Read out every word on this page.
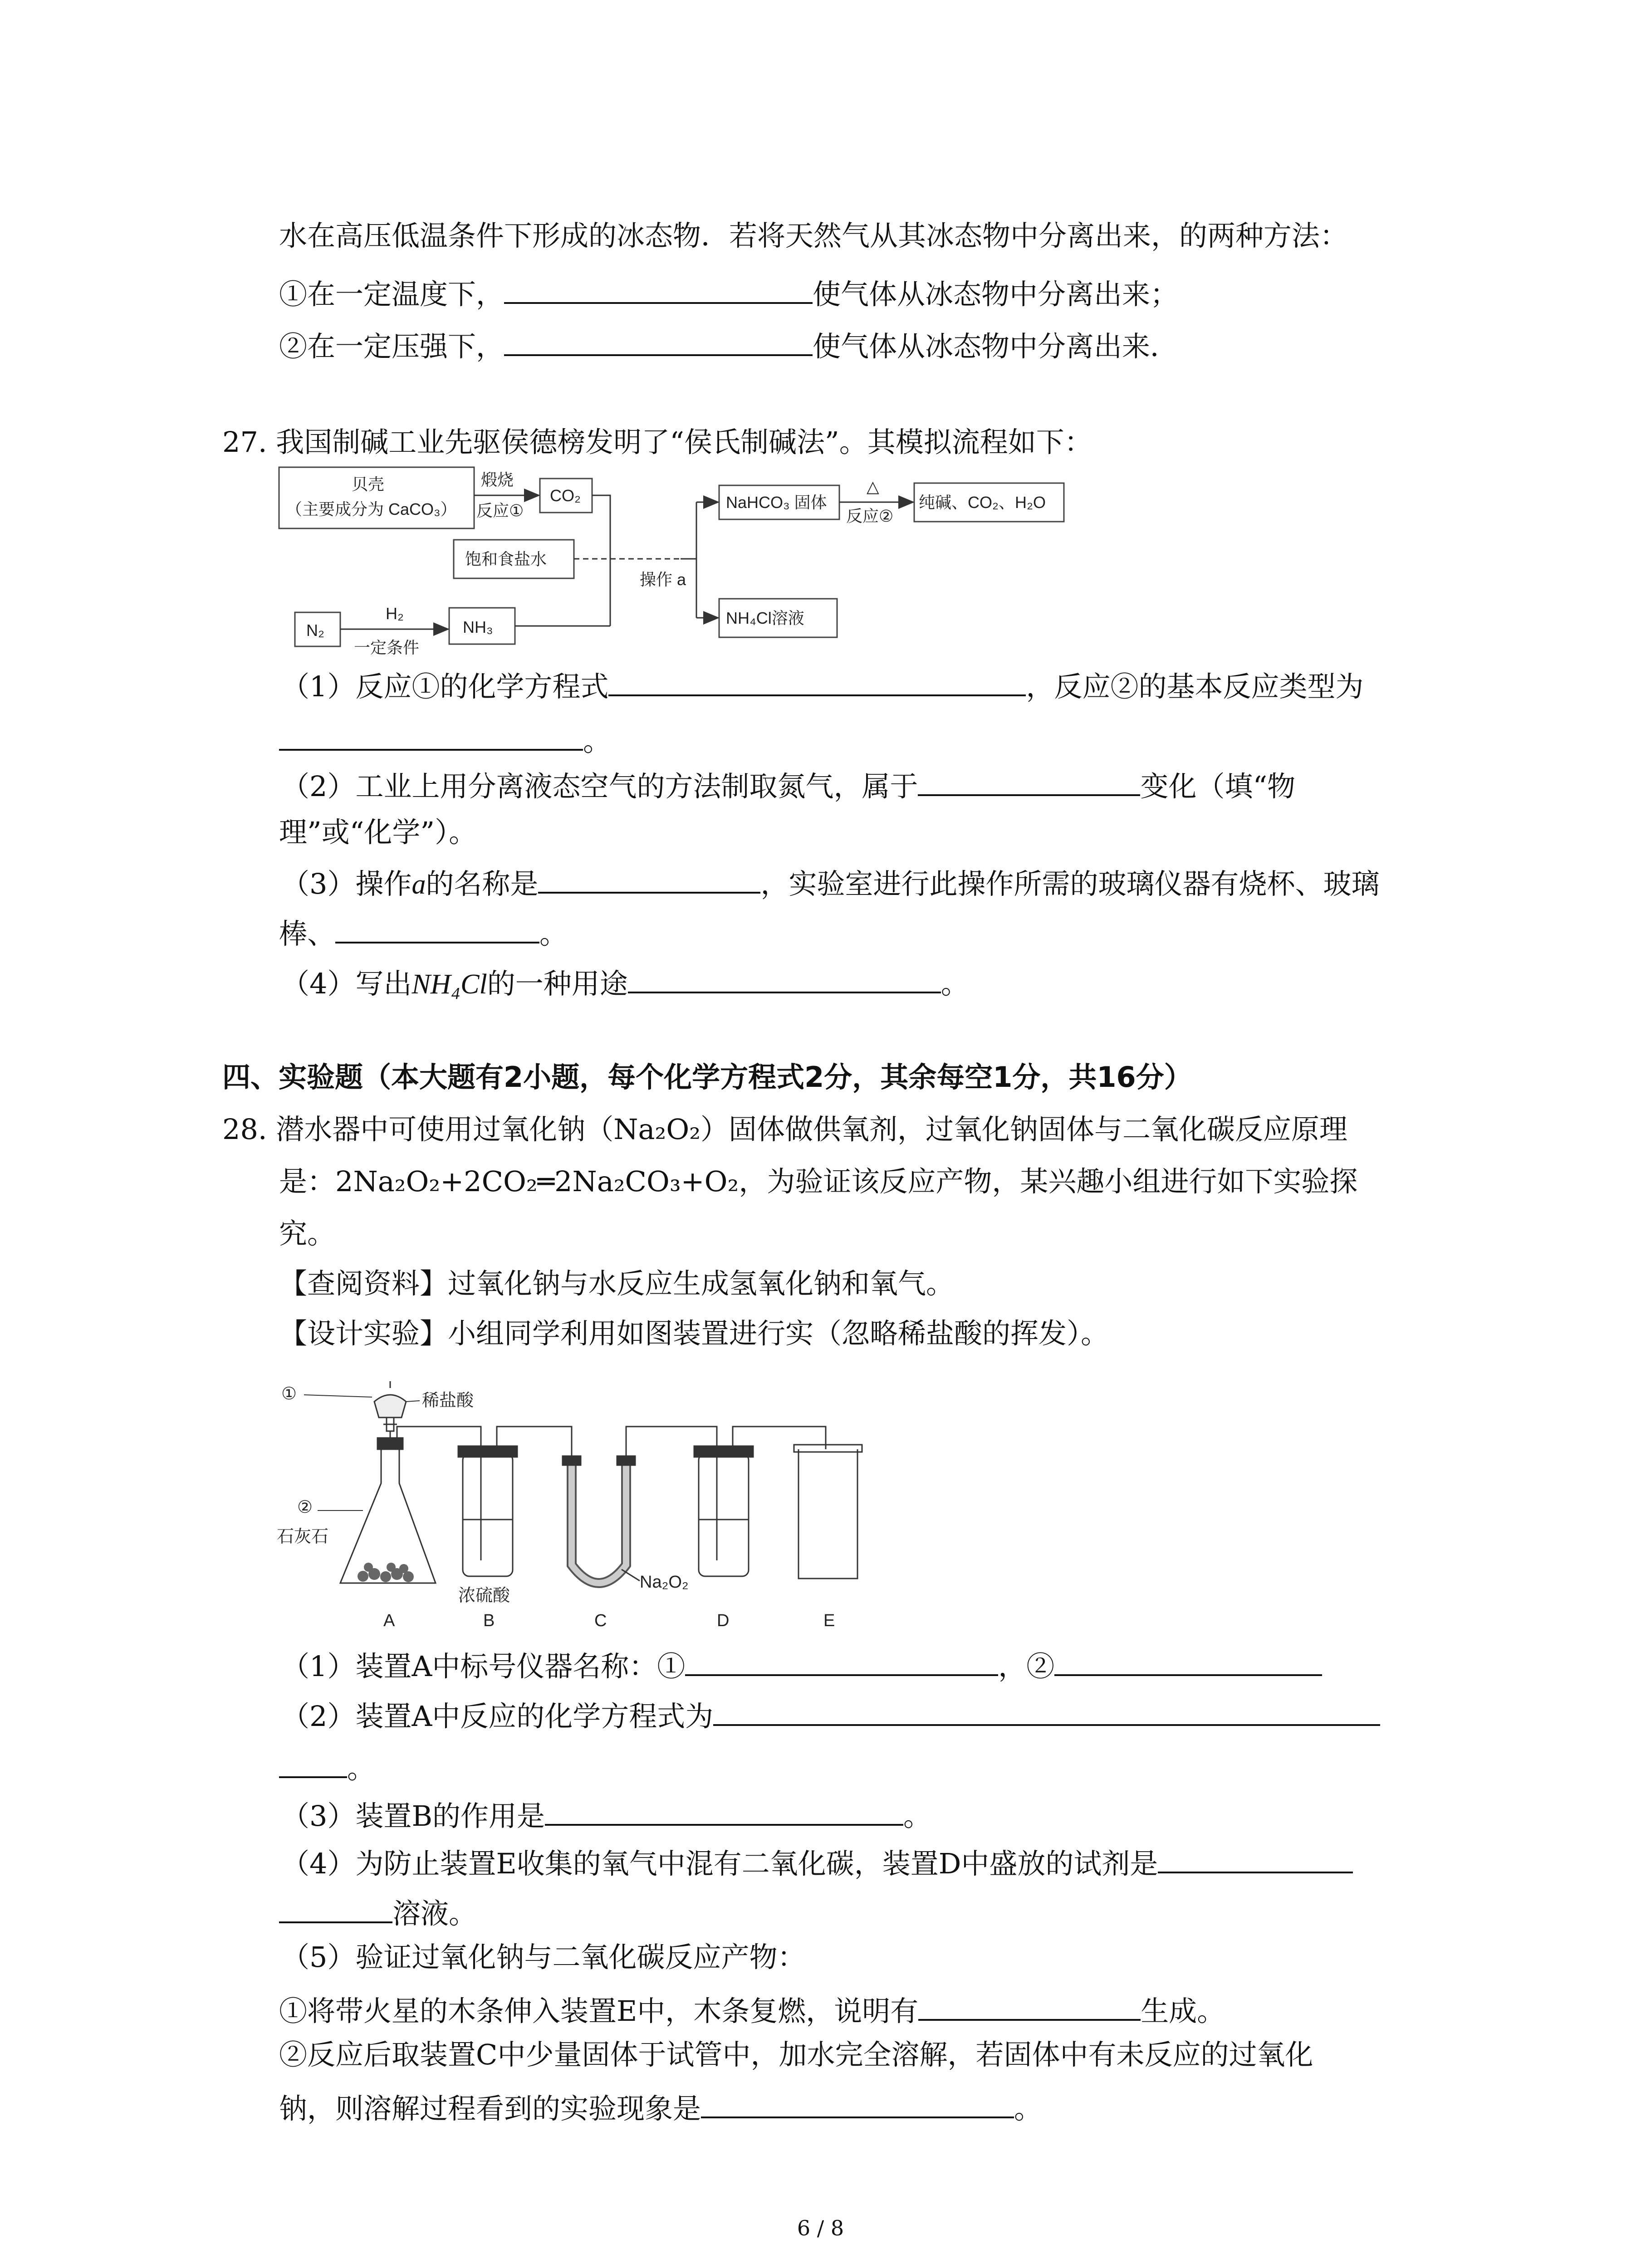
水在高压低温条件下形成的冰态物．若将天然气从其冰态物中分离出来，的两种方法：
①在一定温度下，	使气体从冰态物中分离出来；
②在一定压强下，	使气体从冰态物中分离出来．
27. 我国制碱工业先驱侯德榜发明了“侯氏制碱法”。其模拟流程如下：
贝壳
（主要成分为 CaCO₃）
煅烧
反应①
CO₂
饱和食盐水
N₂
H₂
一定条件
NH₃
操作 a
NaHCO₃ 固体
△
反应②
纯碱、CO₂、H₂O
NH₄Cl溶液
（1）反应①的化学方程式	，反应②的基本反应类型为
。
（2）工业上用分离液态空气的方法制取氮气，属于	变化（填“物
理”或“化学”）。
（3）操作a的名称是	，实验室进行此操作所需的玻璃仪器有烧杯、玻璃
棒、	。
（4）写出NH₄Cl的一种用途	。
四、实验题（本大题有2小题，每个化学方程式2分，其余每空1分，共16分）
28. 潜水器中可使用过氧化钠（Na₂O₂）固体做供氧剂，过氧化钠固体与二氧化碳反应原理
是：2Na₂O₂+2CO₂═2Na₂CO₃+O₂，为验证该反应产物，某兴趣小组进行如下实验探
究。
【查阅资料】过氧化钠与水反应生成氢氧化钠和氧气。
【设计实验】小组同学利用如图装置进行实（忽略稀盐酸的挥发）。
①	稀盐酸
②
石灰石
浓硫酸
Na₂O₂
A	B	C	D	E
（1）装置A中标号仪器名称：①	，②
（2）装置A中反应的化学方程式为
。
（3）装置B的作用是	。
（4）为防止装置E收集的氧气中混有二氧化碳，装置D中盛放的试剂是
溶液。
（5）验证过氧化钠与二氧化碳反应产物：
①将带火星的木条伸入装置E中，木条复燃，说明有	生成。
②反应后取装置C中少量固体于试管中，加水完全溶解，若固体中有未反应的过氧化
钠，则溶解过程看到的实验现象是	。
6 / 8
